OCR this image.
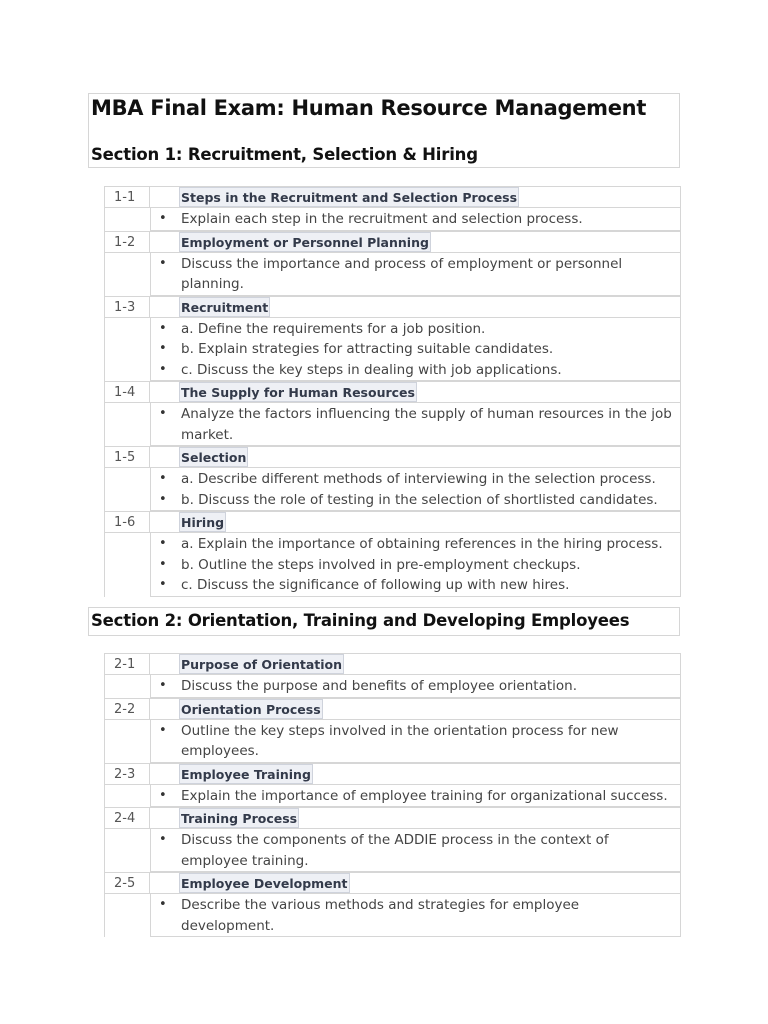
MBA Final Exam: Human Resource Management
Section 1: Recruitment, Selection & Hiring
1-1	Steps in the Recruitment and Selection Process
• Explain each step in the recruitment and selection process.
1-2	Employment or Personnel Planning
• Discuss the importance and process of employment or personnel planning.
1-3	Recruitment
• a. Define the requirements for a job position.
• b. Explain strategies for attracting suitable candidates.
• c. Discuss the key steps in dealing with job applications.
1-4	The Supply for Human Resources
• Analyze the factors influencing the supply of human resources in the job market.
1-5	Selection
• a. Describe different methods of interviewing in the selection process.
• b. Discuss the role of testing in the selection of shortlisted candidates.
1-6	Hiring
• a. Explain the importance of obtaining references in the hiring process.
• b. Outline the steps involved in pre-employment checkups.
• c. Discuss the significance of following up with new hires.
Section 2: Orientation, Training and Developing Employees
2-1	Purpose of Orientation
• Discuss the purpose and benefits of employee orientation.
2-2	Orientation Process
• Outline the key steps involved in the orientation process for new employees.
2-3	Employee Training
• Explain the importance of employee training for organizational success.
2-4	Training Process
• Discuss the components of the ADDIE process in the context of employee training.
2-5	Employee Development
• Describe the various methods and strategies for employee development.
